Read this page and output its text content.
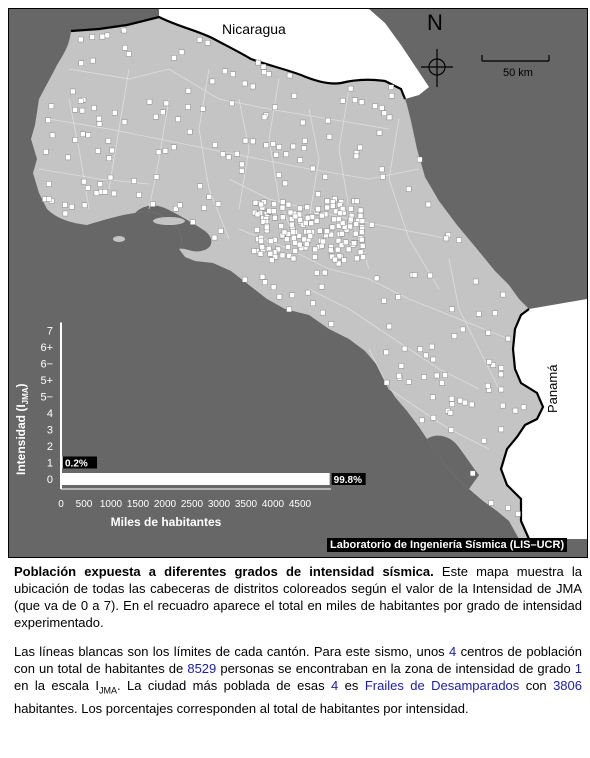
0	99.8%
1 0.2%
2
3
4
5−
5+
6−
6+
7
0 500 1000 1500 2000 2500 3000 3500 4000 4500
Miles de habitantes
Intensidad $(I_{JMA})$
Nicaragua	N
50 km
Panamá
Laboratorio de Ingeniería Sísmica (LIS–UCR)

Población expuesta a diferentes grados de intensidad sísmica. Este mapa muestra la ubicación de todas las cabeceras de distritos coloreados según el valor de la Intensidad de JMA (que va de 0 a 7). En el recuadro aparece el total en miles de habitantes por grado de intensidad experimentado.

Las líneas blancas son los límites de cada cantón. Para este sismo, unos 4 centros de población con un total de habitantes de 8529 personas se encontraban en la zona de intensidad de grado 1 en la escala $I_{JMA}$. La ciudad más poblada de esas 4 es Frailes de Desamparados con 3806 habitantes. Los porcentajes corresponden al total de habitantes por intensidad.
